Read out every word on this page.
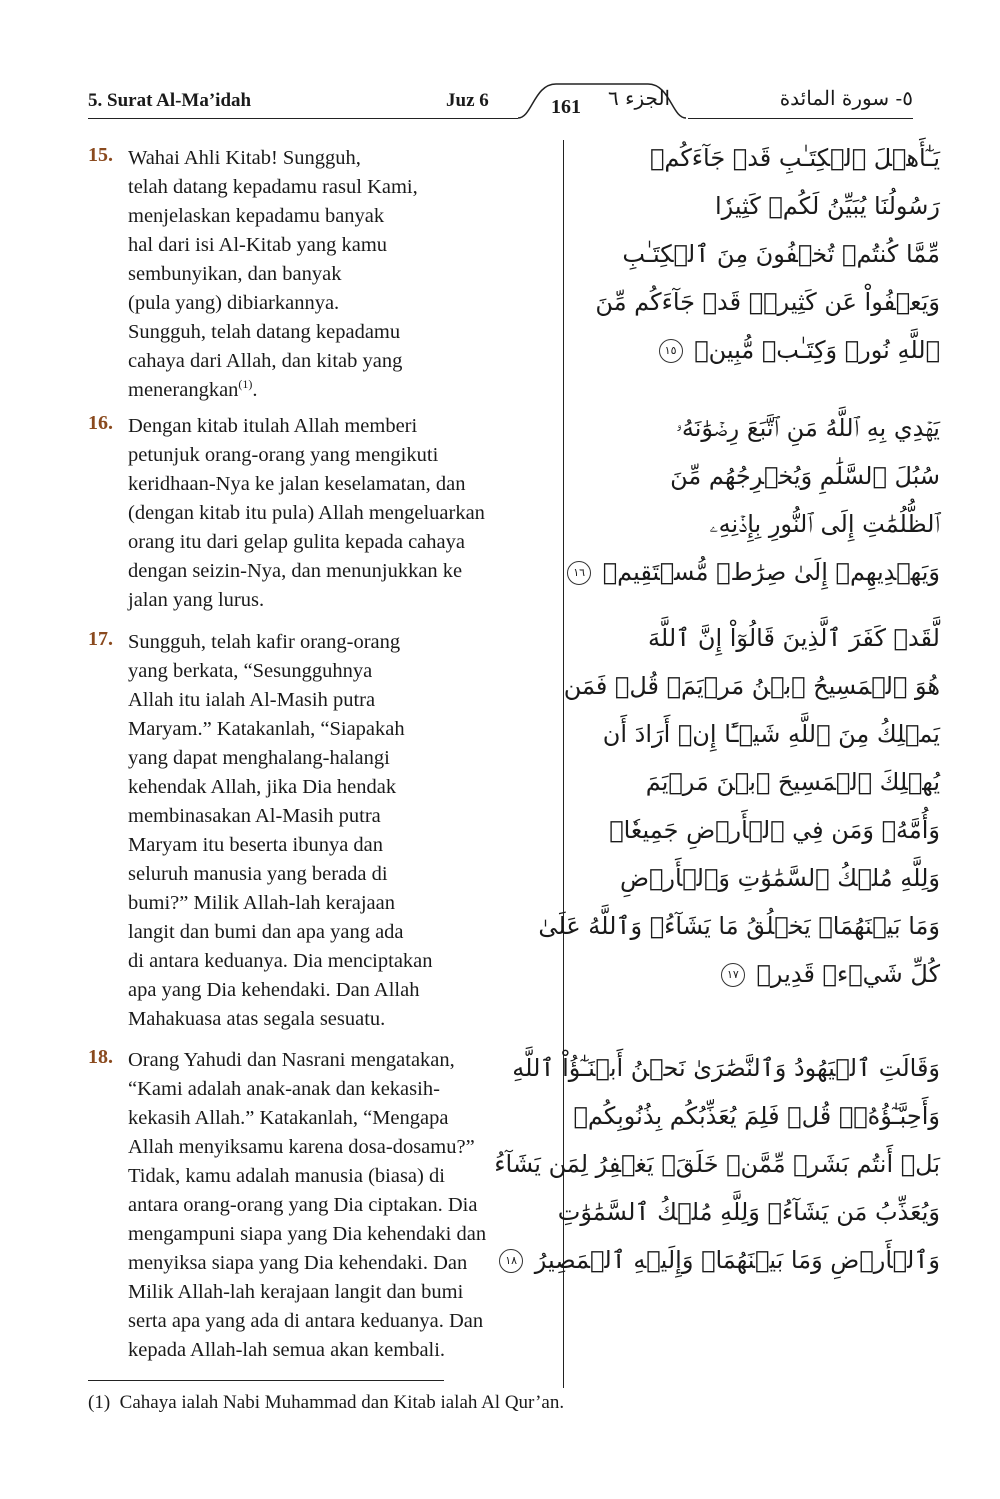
5. Surat Al-Ma’idah	Juz 6	161	الجزء ٦	٥- سورة المائدة
15. Wahai Ahli Kitab! Sungguh,
telah datang kepadamu rasul Kami,
menjelaskan kepadamu banyak
hal dari isi Al-Kitab yang kamu
sembunyikan, dan banyak
(pula yang) dibiarkannya.
Sungguh, telah datang kepadamu
cahaya dari Allah, dan kitab yang
menerangkan$^{(1)}$.
يَـٰٓأَهۡلَ ٱلۡكِتَـٰبِ قَدۡ جَآءَكُمۡ
رَسُولُنَا يُبَيِّنُ لَكُمۡ كَثِيرٗا
مِّمَّا كُنتُمۡ تُخۡفُونَ مِنَ ٱلۡكِتَـٰبِ
وَيَعۡفُواْ عَن كَثِيرٖۚ قَدۡ جَآءَكُم مِّنَ
ٱللَّهِ نُورٞ وَكِتَـٰبٞ مُّبِينٞ ١٥
16. Dengan kitab itulah Allah memberi
petunjuk orang-orang yang mengikuti
keridhaan-Nya ke jalan keselamatan, dan
(dengan kitab itu pula) Allah mengeluarkan
orang itu dari gelap gulita kepada cahaya
dengan seizin-Nya, dan menunjukkan ke
jalan yang lurus.
يَهۡدِي بِهِ ٱللَّهُ مَنِ ٱتَّبَعَ رِضۡوَٰنَهُۥ
سُبُلَ ٱلسَّلَٰمِ وَيُخۡرِجُهُم مِّنَ
ٱلظُّلُمَٰتِ إِلَى ٱلنُّورِ بِإِذۡنِهِۦ
وَيَهۡدِيهِمۡ إِلَىٰ صِرَٰطٖ مُّسۡتَقِيمٖ ١٦
17. Sungguh, telah kafir orang-orang
yang berkata, “Sesungguhnya
Allah itu ialah Al-Masih putra
Maryam.” Katakanlah, “Siapakah
yang dapat menghalang-halangi
kehendak Allah, jika Dia hendak
membinasakan Al-Masih putra
Maryam itu beserta ibunya dan
seluruh manusia yang berada di
bumi?” Milik Allah-lah kerajaan
langit dan bumi dan apa yang ada
di antara keduanya. Dia menciptakan
apa yang Dia kehendaki. Dan Allah
Mahakuasa atas segala sesuatu.
لَّقَدۡ كَفَرَ ٱلَّذِينَ قَالُوٓاْ إِنَّ ٱللَّهَ
هُوَ ٱلۡمَسِيحُ ٱبۡنُ مَرۡيَمَۚ قُلۡ فَمَن
يَمۡلِكُ مِنَ ٱللَّهِ شَيۡـًٔا إِنۡ أَرَادَ أَن
يُهۡلِكَ ٱلۡمَسِيحَ ٱبۡنَ مَرۡيَمَ
وَأُمَّهُۥ وَمَن فِي ٱلۡأَرۡضِ جَمِيعٗاۗ
وَلِلَّهِ مُلۡكُ ٱلسَّمَٰوَٰتِ وَٱلۡأَرۡضِ
وَمَا بَيۡنَهُمَاۚ يَخۡلُقُ مَا يَشَآءُۚ وَٱللَّهُ عَلَىٰ
كُلِّ شَيۡءٖ قَدِيرٞ ١٧
18. Orang Yahudi dan Nasrani mengatakan,
“Kami adalah anak-anak dan kekasih-
kekasih Allah.” Katakanlah, “Mengapa
Allah menyiksamu karena dosa-dosamu?”
Tidak, kamu adalah manusia (biasa) di
antara orang-orang yang Dia ciptakan. Dia
mengampuni siapa yang Dia kehendaki dan
menyiksa siapa yang Dia kehendaki. Dan
Milik Allah-lah kerajaan langit dan bumi
serta apa yang ada di antara keduanya. Dan
kepada Allah-lah semua akan kembali.
وَقَالَتِ ٱلۡيَهُودُ وَٱلنَّصَٰرَىٰ نَحۡنُ أَبۡنَـٰٓؤُاْ ٱللَّهِ
وَأَحِبَّـٰٓؤُهُۥۚ قُلۡ فَلِمَ يُعَذِّبُكُم بِذُنُوبِكُمۖ
بَلۡ أَنتُم بَشَرٞ مِّمَّنۡ خَلَقَۚ يَغۡفِرُ لِمَن يَشَآءُ
وَيُعَذِّبُ مَن يَشَآءُۚ وَلِلَّهِ مُلۡكُ ٱلسَّمَٰوَٰتِ
وَٱلۡأَرۡضِ وَمَا بَيۡنَهُمَاۖ وَإِلَيۡهِ ٱلۡمَصِيرُ ١٨
(1) Cahaya ialah Nabi Muhammad dan Kitab ialah Al Qur’an.
